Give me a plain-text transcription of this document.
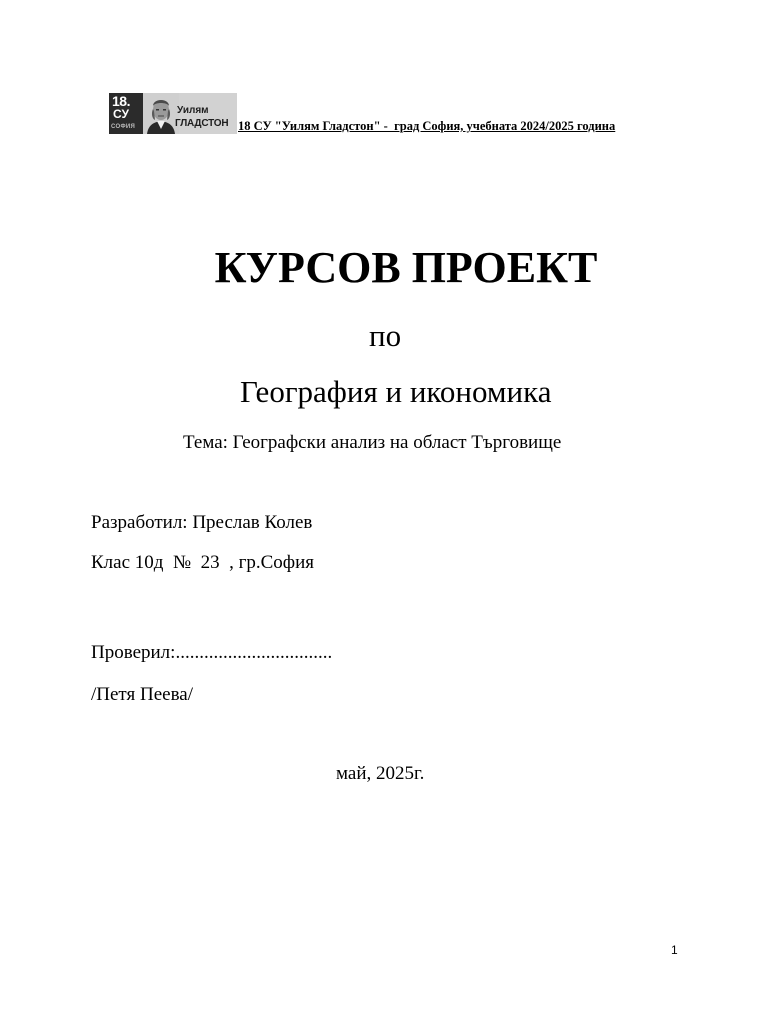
18.
СУ
СОФИЯ
Уилям
ГЛАДСТОН 18 СУ "Уилям Гладстон" -  град София, учебната 2024/2025 година
КУРСОВ ПРОЕКТ
по
География и икономика
Тема: Географски анализ на област Търговище
Разработил: Преслав Колев
Клас 10д  №  23  , гр.София
Проверил:.................................
/Петя Пеева/
май, 2025г.
1
